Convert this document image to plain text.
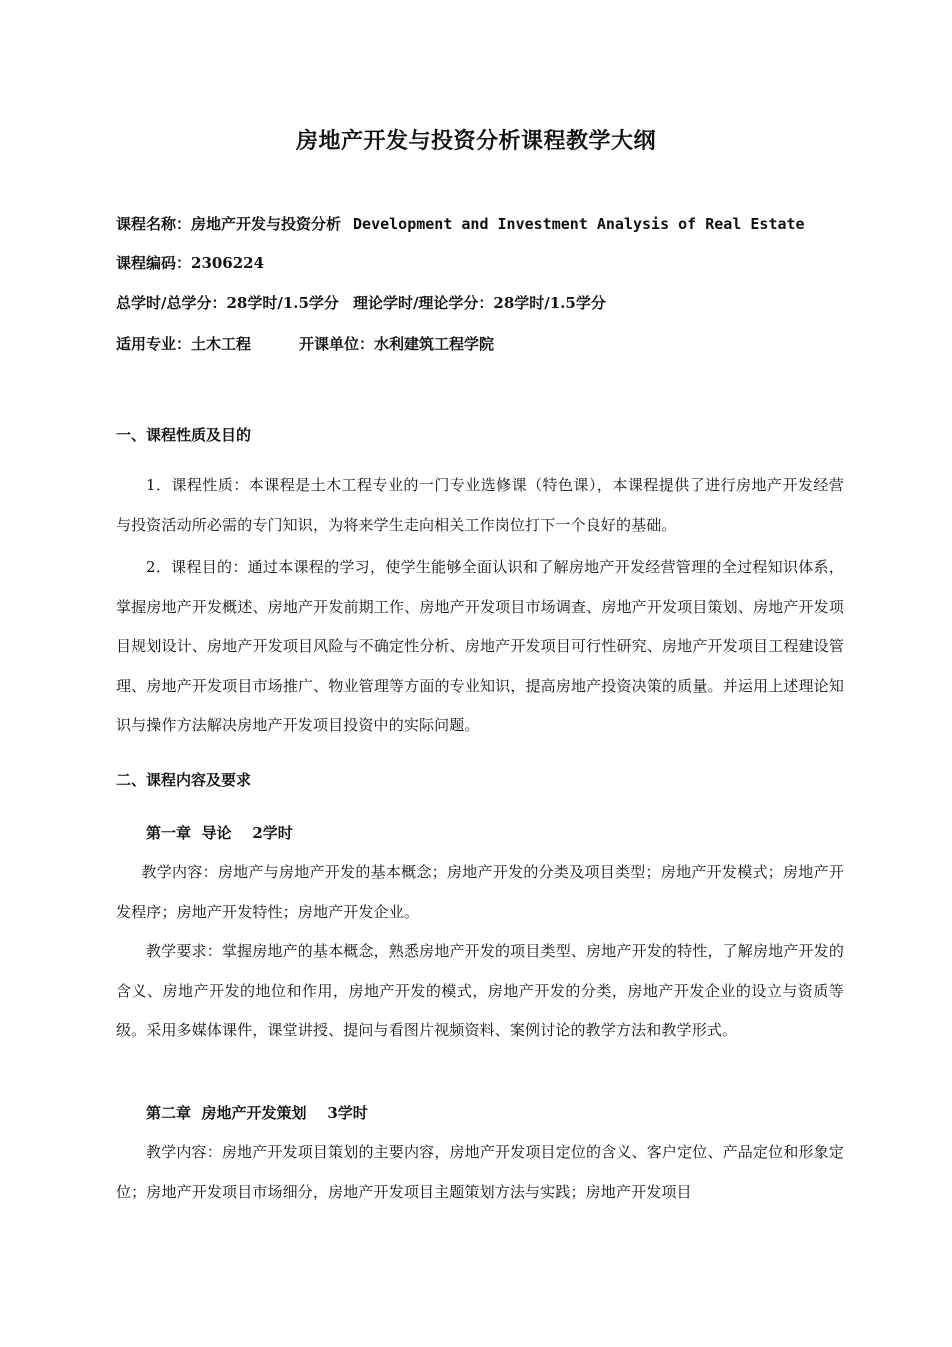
房地产开发与投资分析课程教学大纲
课程名称：房地产开发与投资分析 Development and Investment Analysis of Real Estate
课程编码：2306224
总学时/总学分：28学时/1.5学分 理论学时/理论学分：28学时/1.5学分
适用专业：土木工程	开课单位：水利建筑工程学院
一、课程性质及目的
1．课程性质：本课程是土木工程专业的一门专业选修课（特色课），本课程提供了进行房地产开发经营与投资活动所必需的专门知识，为将来学生走向相关工作岗位打下一个良好的基础。
2．课程目的：通过本课程的学习，使学生能够全面认识和了解房地产开发经营管理的全过程知识体系，掌握房地产开发概述、房地产开发前期工作、房地产开发项目市场调查、房地产开发项目策划、房地产开发项目规划设计、房地产开发项目风险与不确定性分析、房地产开发项目可行性研究、房地产开发项目工程建设管理、房地产开发项目市场推广、物业管理等方面的专业知识，提高房地产投资决策的质量。并运用上述理论知识与操作方法解决房地产开发项目投资中的实际问题。
二、课程内容及要求
第一章  导论    2学时
教学内容：房地产与房地产开发的基本概念；房地产开发的分类及项目类型；房地产开发模式；房地产开发程序；房地产开发特性；房地产开发企业。
教学要求：掌握房地产的基本概念，熟悉房地产开发的项目类型、房地产开发的特性，了解房地产开发的含义、房地产开发的地位和作用，房地产开发的模式，房地产开发的分类，房地产开发企业的设立与资质等级。采用多媒体课件，课堂讲授、提问与看图片视频资料、案例讨论的教学方法和教学形式。
第二章  房地产开发策划    3学时
教学内容：房地产开发项目策划的主要内容，房地产开发项目定位的含义、客户定位、产品定位和形象定位；房地产开发项目市场细分，房地产开发项目主题策划方法与实践；房地产开发项目
